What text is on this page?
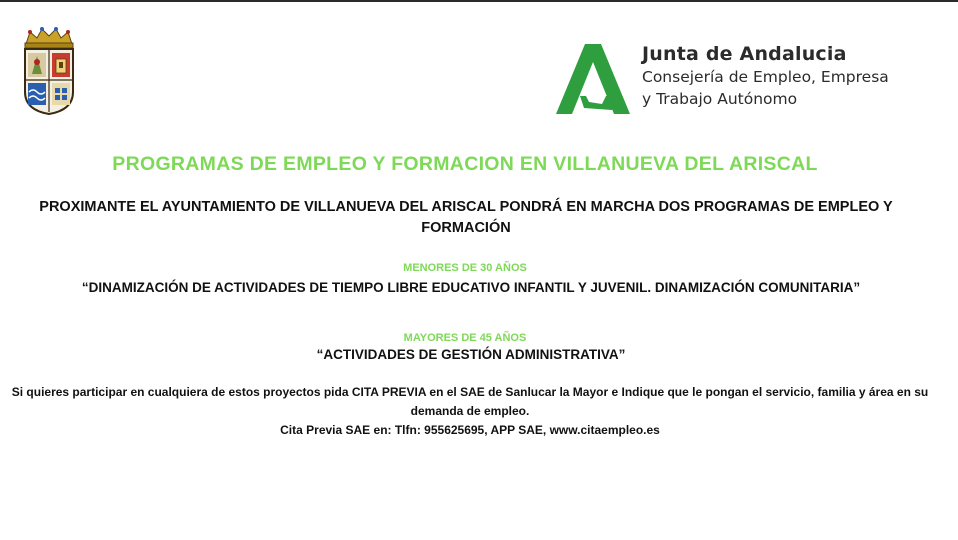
Junta de Andalucia
Consejería de Empleo, Empresa
y Trabajo Autónomo
PROGRAMAS DE EMPLEO Y FORMACION EN VILLANUEVA DEL ARISCAL
PROXIMANTE EL AYUNTAMIENTO DE VILLANUEVA DEL ARISCAL PONDRÁ EN MARCHA DOS PROGRAMAS DE EMPLEO Y FORMACIÓN
MENORES DE 30 AÑOS
“DINAMIZACIÓN DE ACTIVIDADES DE TIEMPO LIBRE EDUCATIVO INFANTIL Y JUVENIL. DINAMIZACIÓN COMUNITARIA”
MAYORES DE 45 AÑOS
“ACTIVIDADES DE GESTIÓN ADMINISTRATIVA”
Si quieres participar en cualquiera de estos proyectos pida CITA PREVIA en el SAE de Sanlucar la Mayor e Indique que le pongan el servicio, familia y área en su demanda de empleo.
Cita Previa SAE en: Tlfn: 955625695, APP SAE, www.citaempleo.es
